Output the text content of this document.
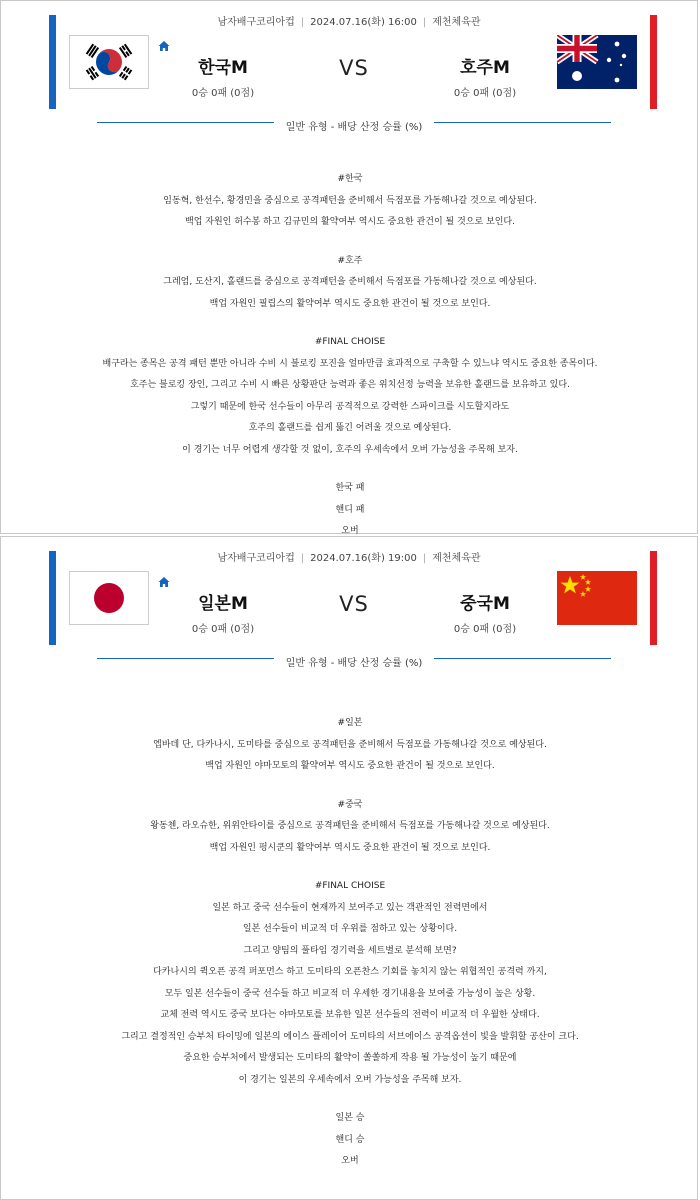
남자배구코리아컵 | 2024.07.16(화) 16:00 | 제천체육관
한국M
0승 0패 (0점)
VS	호주M
0승 0패 (0점)
일반 유형 - 배당 산정 승률 (%)

#한국

임동혁, 한선수, 황경민을 중심으로 공격패턴을 준비해서 득점포를 가동해나갈 것으로 예상된다.

백업 자원인 허수봉 하고 김규민의 활약여부 역시도 중요한 관건이 될 것으로 보인다.

#호주

그레엄, 도산지, 홀랜드를 중심으로 공격패턴을 준비해서 득점포를 가동해나갈 것으로 예상된다.

백업 자원인 필립스의 활약여부 역시도 중요한 관건이 될 것으로 보인다.

#FINAL CHOISE

배구라는 종목은 공격 패턴 뿐만 아니라 수비 시 블로킹 포진을 얼마만큼 효과적으로 구축할 수 있느냐 역시도 중요한 종목이다.

호주는 블로킹 장인, 그리고 수비 시 빠른 상황판단 능력과 좋은 위치선정 능력을 보유한 홀랜드를 보유하고 있다.

그렇기 때문에 한국 선수들이 아무리 공격적으로 강력한 스파이크를 시도할지라도

호주의 홀랜드를 쉽게 뚫긴 어려울 것으로 예상된다.

이 경기는 너무 어렵게 생각할 것 없이, 호주의 우세속에서 오버 가능성을 주목해 보자.

한국 패

핸디 패

오버

남자배구코리아컵 | 2024.07.16(화) 19:00 | 제천체육관
일본M
0승 0패 (0점)
VS	중국M
0승 0패 (0점)
일반 유형 - 배당 산정 승률 (%)

#일본

엡바데 단, 다카나시, 도미타를 중심으로 공격패턴을 준비해서 득점포를 가동해나갈 것으로 예상된다.

백업 자원인 야마모토의 활약여부 역시도 중요한 관건이 될 것으로 보인다.

#중국

왕동첸, 라오슈한, 위위안타이를 중심으로 공격패턴을 준비해서 득점포를 가동해나갈 것으로 예상된다.

백업 자원인 펑시쿤의 활약여부 역시도 중요한 관건이 될 것으로 보인다.

#FINAL CHOISE

일본 하고 중국 선수들이 현재까지 보여주고 있는 객관적인 전력면에서

일본 선수들이 비교적 더 우위를 점하고 있는 상황이다.

그리고 양팀의 풀타임 경기력을 세트별로 분석해 보면?

다카나시의 퀵오픈 공격 퍼포먼스 하고 도미타의 오픈찬스 기회를 놓치지 않는 위협적인 공격력 까지,

모두 일본 선수들이 중국 선수들 하고 비교적 더 우세한 경기내용을 보여줄 가능성이 높은 상황.

교체 전력 역시도 중국 보다는 야마모토를 보유한 일본 선수들의 전력이 비교적 더 우월한 상태다.

그리고 결정적인 승부처 타이밍에 일본의 에이스 플레이어 도미타의 서브에이스 공격옵션이 빛을 발휘할 공산이 크다.

중요한 승부처에서 발생되는 도미타의 활약이 쏠쏠하게 작용 될 가능성이 높기 때문에

이 경기는 일본의 우세속에서 오버 가능성을 주목해 보자.

일본 승

핸디 승

오버
